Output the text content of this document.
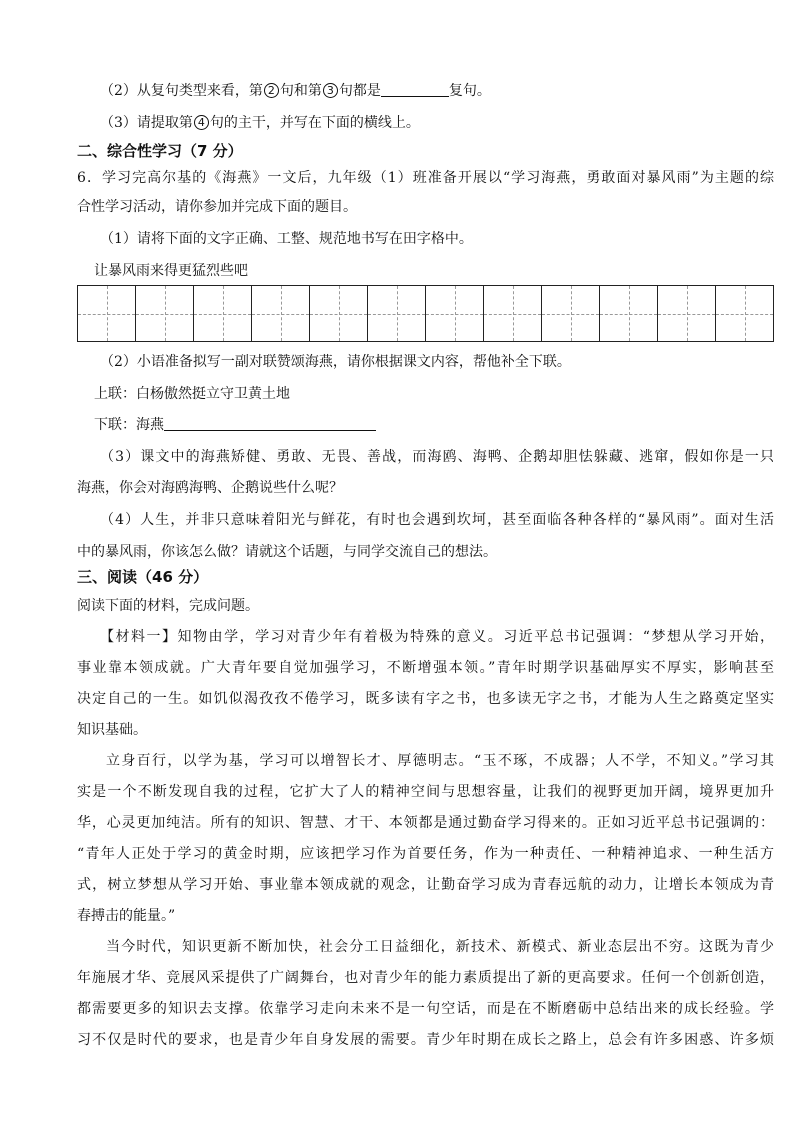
（2）从复句类型来看，第 2 句和第 3 句都是	复句。
（3）请提取第 4 句的主干，并写在下面的横线上。
二、综合性学习（7 分）
6．学习完高尔基的《海燕》一文后，九年级（1）班准备开展以“学习海燕，勇敢面对暴风雨”为主题的综
合性学习活动，请你参加并完成下面的题目。
（1）请将下面的文字正确、工整、规范地书写在田字格中。
让暴风雨来得更猛烈些吧
（2）小语准备拟写一副对联赞颂海燕，请你根据课文内容，帮他补全下联。
上联：白杨傲然挺立守卫黄土地
下联：海燕
（3）课文中的海燕矫健、勇敢、无畏、善战，而海鸥、海鸭、企鹅却胆怯躲藏、逃窜，假如你是一只
海燕，你会对海鸥海鸭、企鹅说些什么呢？
（4）人生，并非只意味着阳光与鲜花，有时也会遇到坎坷，甚至面临各种各样的“暴风雨”。面对生活
中的暴风雨，你该怎么做？请就这个话题，与同学交流自己的想法。
三、阅读（46 分）
阅读下面的材料，完成问题。
【材料一】知物由学，学习对青少年有着极为特殊的意义。习近平总书记强调：“梦想从学习开始，
事业靠本领成就。广大青年要自觉加强学习，不断增强本领。”青年时期学识基础厚实不厚实，影响甚至
决定自己的一生。如饥似渴孜孜不倦学习，既多读有字之书，也多读无字之书，才能为人生之路奠定坚实
知识基础。
立身百行，以学为基，学习可以增智长才、厚德明志。“玉不琢，不成器；人不学，不知义。”学习其
实是一个不断发现自我的过程，它扩大了人的精神空间与思想容量，让我们的视野更加开阔，境界更加升
华，心灵更加纯洁。所有的知识、智慧、才干、本领都是通过勤奋学习得来的。正如习近平总书记强调的：
“青年人正处于学习的黄金时期，应该把学习作为首要任务，作为一种责任、一种精神追求、一种生活方
式，树立梦想从学习开始、事业靠本领成就的观念，让勤奋学习成为青春远航的动力，让增长本领成为青
春搏击的能量。”
当今时代，知识更新不断加快，社会分工日益细化，新技术、新模式、新业态层出不穷。这既为青少
年施展才华、竞展风采提供了广阔舞台，也对青少年的能力素质提出了新的更高要求。任何一个创新创造，
都需要更多的知识去支撑。依靠学习走向未来不是一句空话，而是在不断磨砺中总结出来的成长经验。学
习不仅是时代的要求，也是青少年自身发展的需要。青少年时期在成长之路上，总会有许多困惑、许多烦
